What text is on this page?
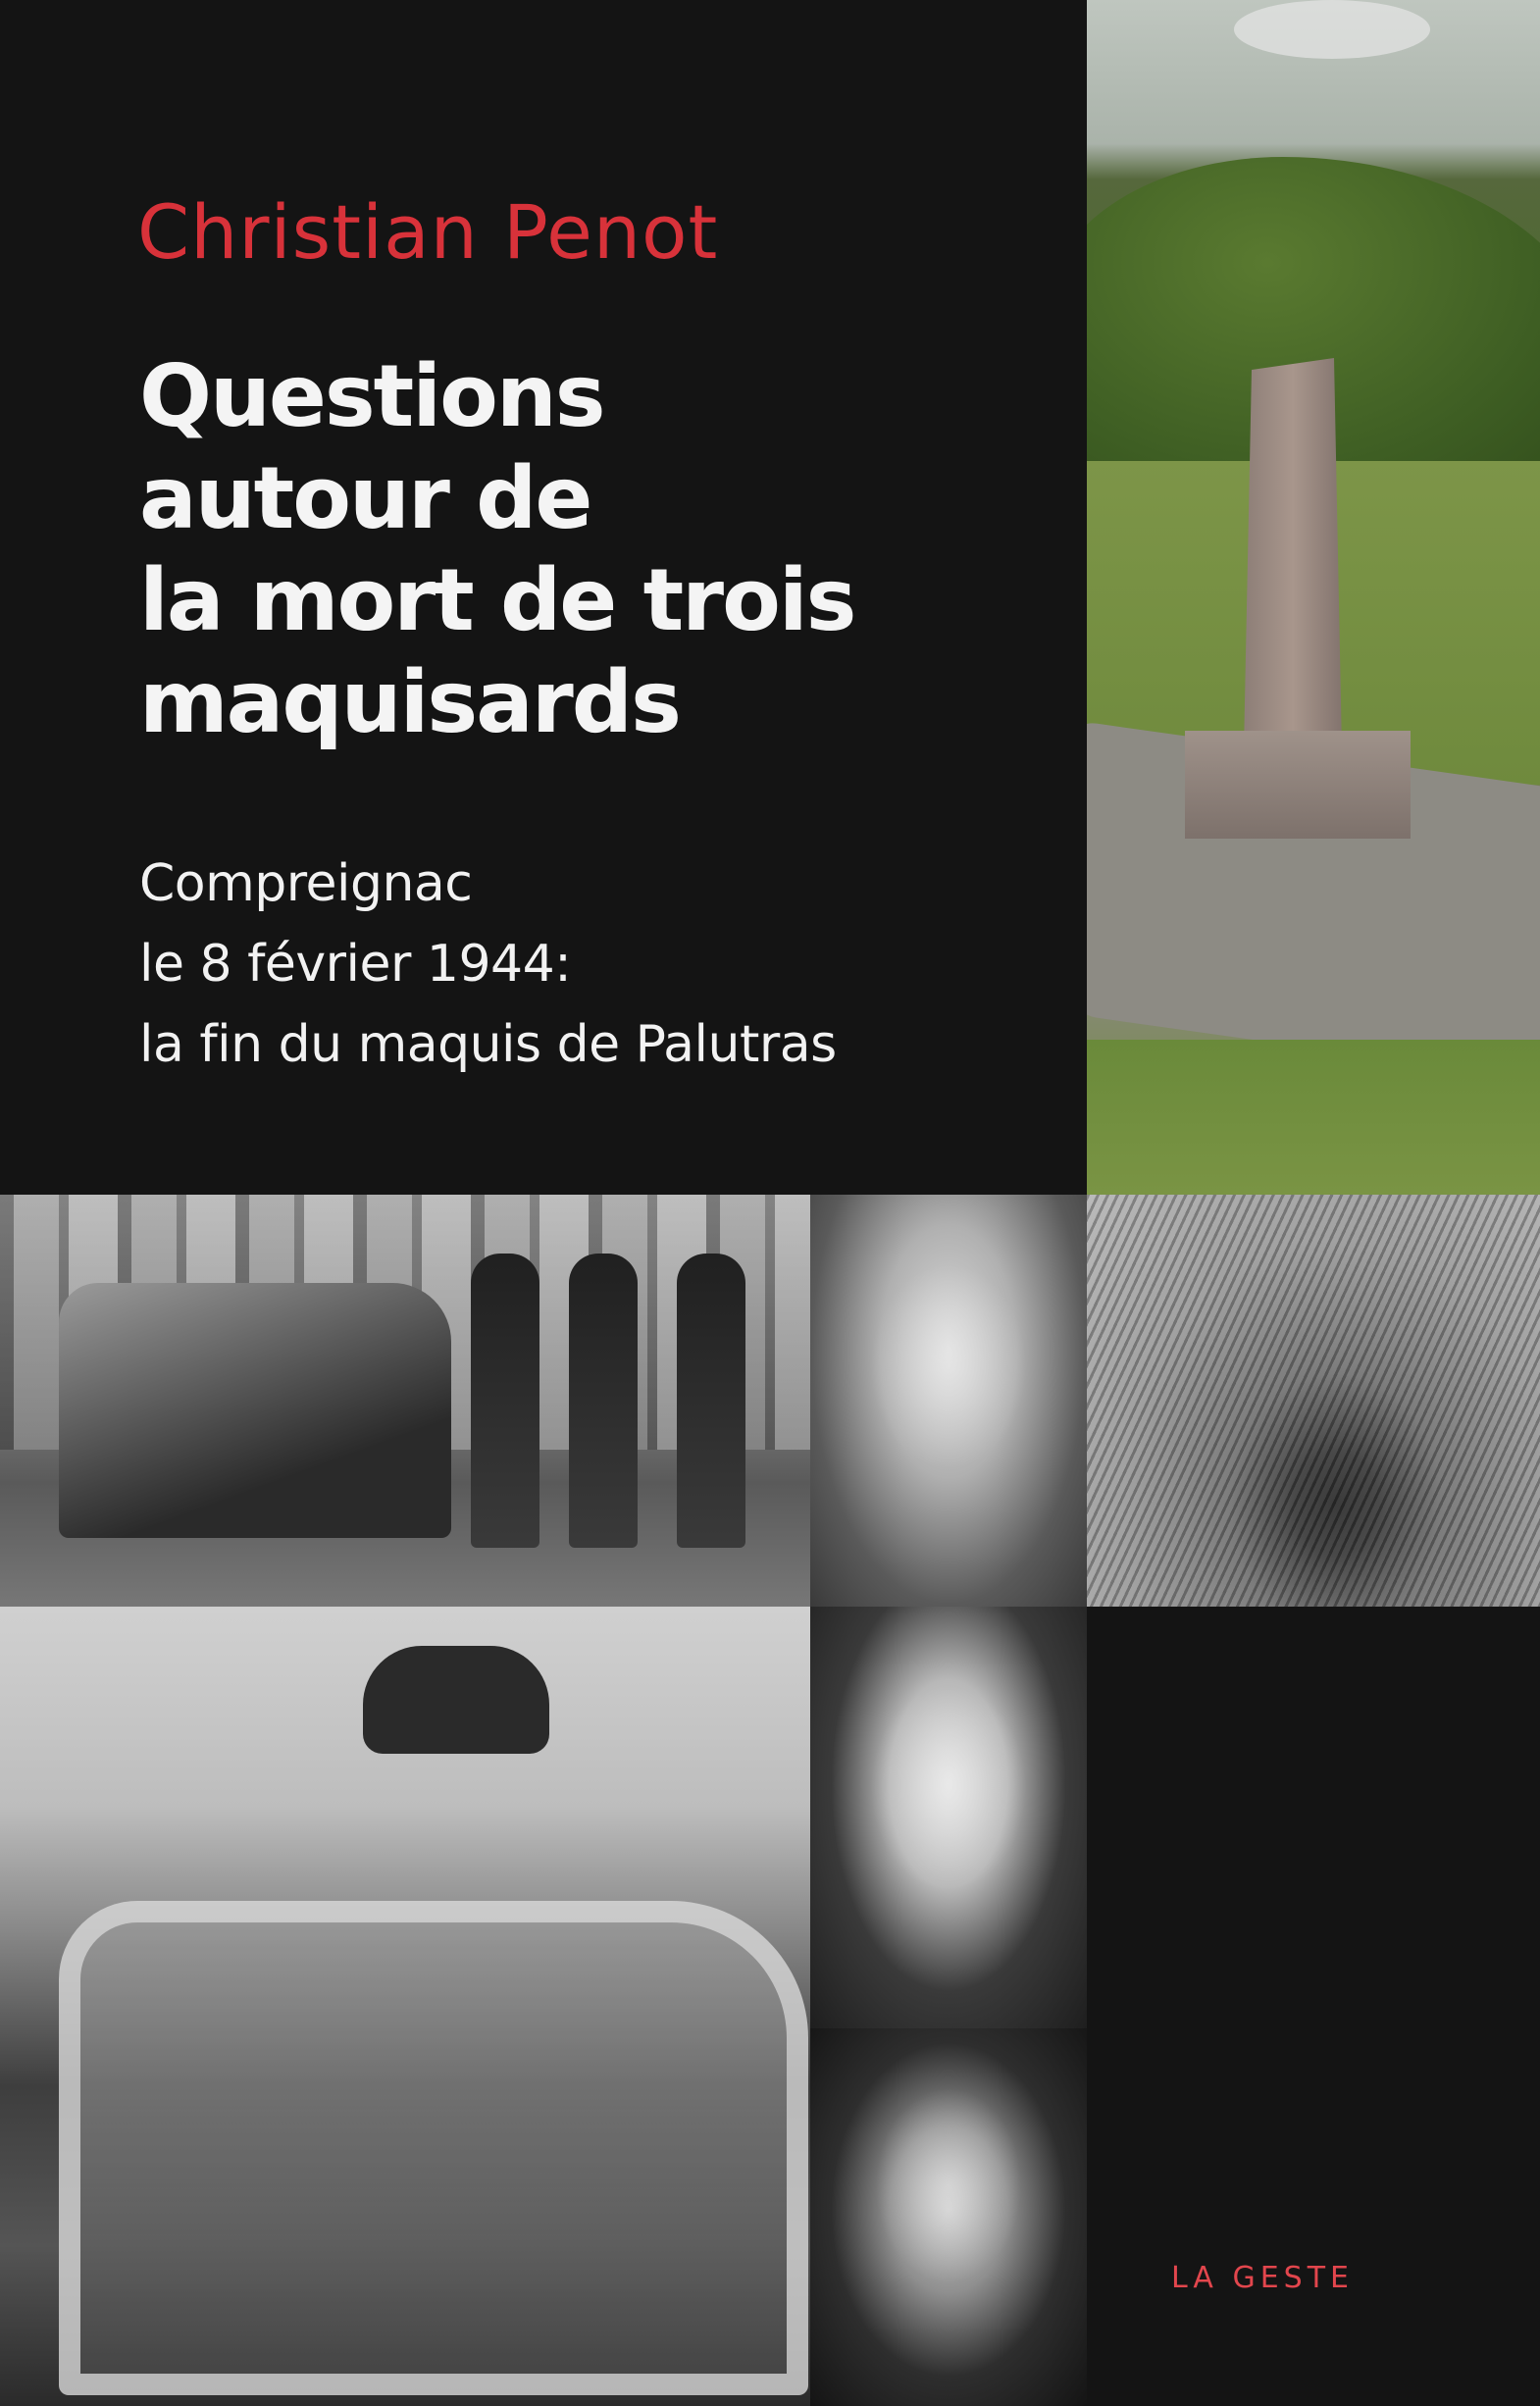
Christian Penot
Questions
autour de
la mort de trois
maquisards
Compreignac
le 8 février 1944:
la fin du maquis de Palutras
LA GESTE
